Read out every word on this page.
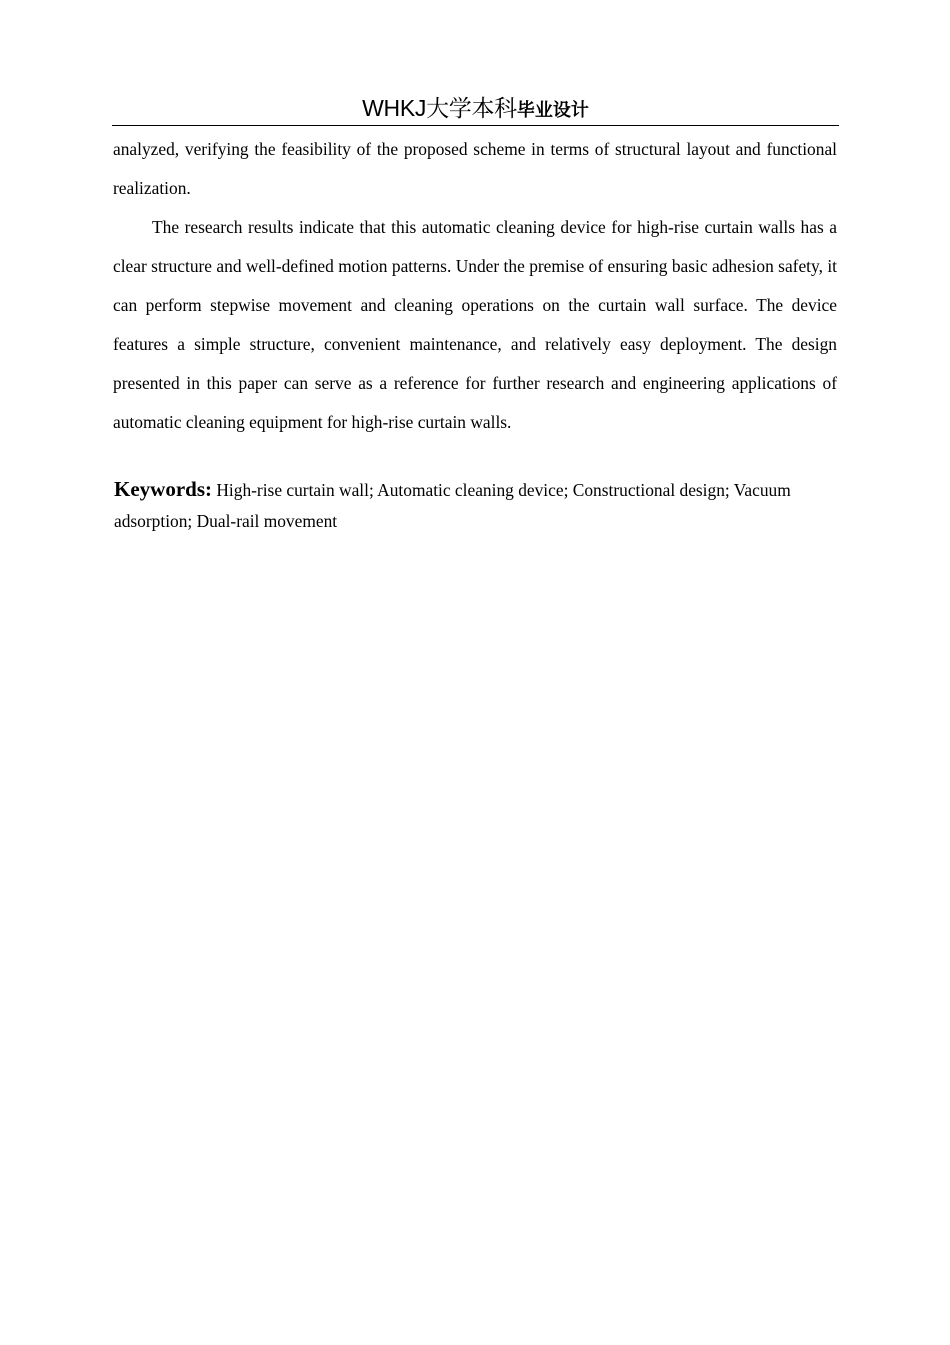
WHKJ大学本科毕业设计

analyzed, verifying the feasibility of the proposed scheme in terms of structural layout and functional realization.

The research results indicate that this automatic cleaning device for high-rise curtain walls has a clear structure and well-defined motion patterns. Under the premise of ensuring basic adhesion safety, it can perform stepwise movement and cleaning operations on the curtain wall surface. The device features a simple structure, convenient maintenance, and relatively easy deployment. The design presented in this paper can serve as a reference for further research and engineering applications of automatic cleaning equipment for high-rise curtain walls.

Keywords: High-rise curtain wall; Automatic cleaning device; Constructional design; Vacuum adsorption; Dual-rail movement
